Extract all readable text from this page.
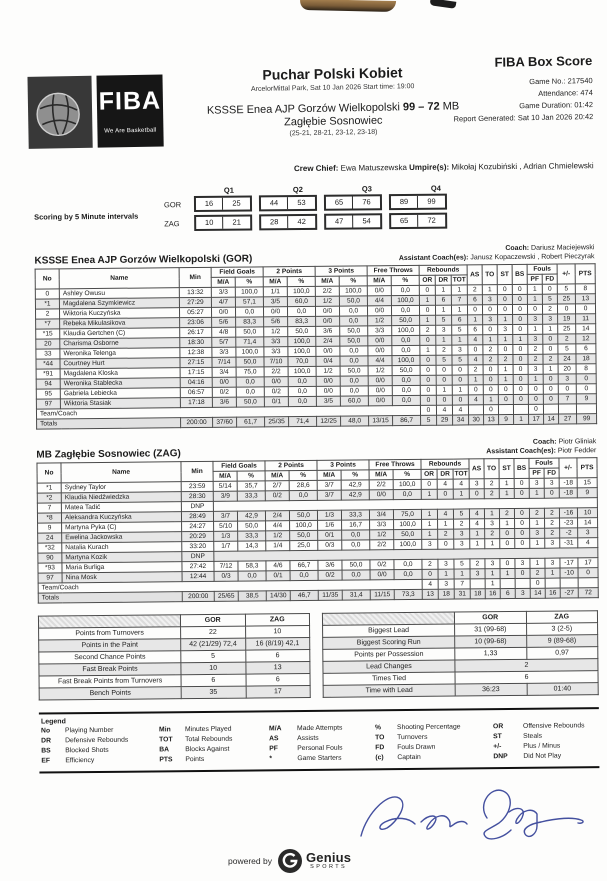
FIBA
We Are Basketball
Puchar Polski Kobiet
ArcelorMittal Park, Sat 10 Jan 2026 Start time: 19:00
KSSSE Enea AJP Gorzów Wielkopolski 99 – 72 MB
Zagłębie Sosnowiec
(25-21, 28-21, 23-12, 23-18)
FIBA Box Score
Game No.: 217540
Attendance: 474
Game Duration: 01:42
Report Generated: Sat 10 Jan 2026 20:42
Crew Chief: Ewa Matuszewska Umpire(s): Mikołaj Kozubiński , Adrian Chmielewski
Scoring by 5 Minute intervals
Q1	Q2	Q3	Q4
GOR	16	25	44	53	65	76	89	99
ZAG	10	21	28	42	47	54	65	72
KSSSE Enea AJP Gorzów Wielkopolski (GOR)
Coach: Dariusz Maciejewski
Assistant Coach(es): Janusz Kopaczewski , Robert Pieczyrak
No	Name	Min	Field Goals		2 Points		3 Points		Free Throws		Rebounds			AS	TO	ST	BS	Fouls		+/-	PTS
			M/A	%	M/A	%	M/A	%	M/A	%	OR	DR	TOT					PF	FD		
0	Ashley Owusu	13:32	3/3	100,0	1/1	100,0	2/2	100,0	0/0	0,0	0	1	1	2	1	0	0	1	0	5	8
*1	Magdalena Szymkiewicz	27:29	4/7	57,1	3/5	60,0	1/2	50,0	4/4	100,0	1	6	7	6	3	0	0	1	5	25	13
2	Wiktoria Kuczyńska	05:27	0/0	0,0	0/0	0,0	0/0	0,0	0/0	0,0	0	1	1	0	0	0	0	0	2	0	0
*7	Rebeka Mikulasikova	23:06	5/6	83,3	5/6	83,3	0/0	0,0	1/2	50,0	1	5	6	1	3	1	0	3	3	19	11
*15	Klaudia Gertchen (C)	26:17	4/8	50,0	1/2	50,0	3/6	50,0	3/3	100,0	2	3	5	6	0	3	0	1	1	25	14
20	Charisma Osborne	18:30	5/7	71,4	3/3	100,0	2/4	50,0	0/0	0,0	0	1	1	4	1	1	1	3	0	2	12
33	Weronika Telenga	12:38	3/3	100,0	3/3	100,0	0/0	0,0	0/0	0,0	1	2	3	0	2	0	0	2	0	5	6
*44	Courtney Hurt	27:15	7/14	50,0	7/10	70,0	0/4	0,0	4/4	100,0	0	5	5	4	2	2	0	2	2	24	18
*91	Magdalena Kloska	17:15	3/4	75,0	2/2	100,0	1/2	50,0	1/2	50,0	0	0	0	2	0	1	0	3	1	20	8
94	Weronika Stablecka	04:16	0/0	0,0	0/0	0,0	0/0	0,0	0/0	0,0	0	0	0	1	0	1	0	1	0	3	0
95	Gabriela Lebiecka	06:57	0/2	0,0	0/2	0,0	0/0	0,0	0/0	0,0	0	1	1	0	0	0	0	0	0	0	0
97	Wiktoria Stasiak	17:18	3/6	50,0	0/1	0,0	3/5	60,0	0/0	0,0	0	0	0	4	1	0	0	0	0	7	9
Team/Coach											0	4	4		0			0			
Totals		200:00	37/60	61,7	25/35	71,4	12/25	48,0	13/15	86,7	5	29	34	30	13	9	1	17	14	27	99
MB Zagłębie Sosnowiec (ZAG)
Coach: Piotr Gliniak
Assistant Coach(es): Piotr Fedder
No	Name	Min	Field Goals		2 Points		3 Points		Free Throws		Rebounds			AS	TO	ST	BS	Fouls		+/-	PTS
			M/A	%	M/A	%	M/A	%	M/A	%	OR	DR	TOT					PF	FD		
*1	Sydney Taylor	23:59	5/14	35,7	2/7	28,6	3/7	42,9	2/2	100,0	0	4	4	3	2	1	0	3	3	-18	15
*2	Klaudia Niedźwiedzka	28:30	3/9	33,3	0/2	0,0	3/7	42,9	0/0	0,0	1	0	1	0	2	1	0	1	0	-18	9
7	Matea Tadić	DNP																			
*8	Aleksandra Kuczyńska	28:49	3/7	42,9	2/4	50,0	1/3	33,3	3/4	75,0	1	4	5	4	1	2	0	2	2	-16	10
9	Martyna Pyka (C)	24:27	5/10	50,0	4/4	100,0	1/6	16,7	3/3	100,0	1	1	2	4	3	1	0	1	2	-23	14
24	Ewelina Jackowska	20:29	1/3	33,3	1/2	50,0	0/1	0,0	1/2	50,0	1	2	3	1	2	0	0	3	2	-2	3
*32	Natalia Kurach	33:20	1/7	14,3	1/4	25,0	0/3	0,0	2/2	100,0	3	0	3	1	1	0	0	1	3	-31	4
90	Martyna Kozik	DNP																			
*93	Maria Burliga	27:42	7/12	58,3	4/6	66,7	3/6	50,0	0/2	0,0	2	3	5	2	3	0	3	1	3	-17	17
97	Nina Mosk	12:44	0/3	0,0	0/1	0,0	0/2	0,0	0/0	0,0	0	1	1	3	1	1	0	2	1	-10	0
Team/Coach											4	3	7		1			0			
Totals		200:00	25/65	38,5	14/30	46,7	11/35	31,4	11/15	73,3	13	18	31	18	16	6	3	14	16	-27	72
	GOR	ZAG
Points from Turnovers	22	10
Points in the Paint	42 (21/29) 72,4	16 (8/19) 42,1
Second Chance Points	5	6
Fast Break Points	10	13
Fast Break Points from Turnovers	6	6
Bench Points	35	17
	GOR	ZAG
Biggest Lead	31 (99-68)	3 (2-5)
Biggest Scoring Run	10 (99-68)	9 (89-68)
Points per Possession	1,33	0,97
Lead Changes	2	
Times Tied	6	
Time with Lead	36:23	01:40
Legend
No	Playing Number	Min	Minutes Played	M/A	Made Attempts	%	Shooting Percentage	OR	Offensive Rebounds
DR	Defensive Rebounds	TOT	Total Rebounds	AS	Assists	TO	Turnovers	ST	Steals
BS	Blocked Shots	BA	Blocks Against	PF	Personal Fouls	FD	Fouls Drawn	+/-	Plus / Minus
EF	Efficiency	PTS	Points	*	Game Starters	(c)	Captain	DNP	Did Not Play
powered by	Genius
SPORTS
